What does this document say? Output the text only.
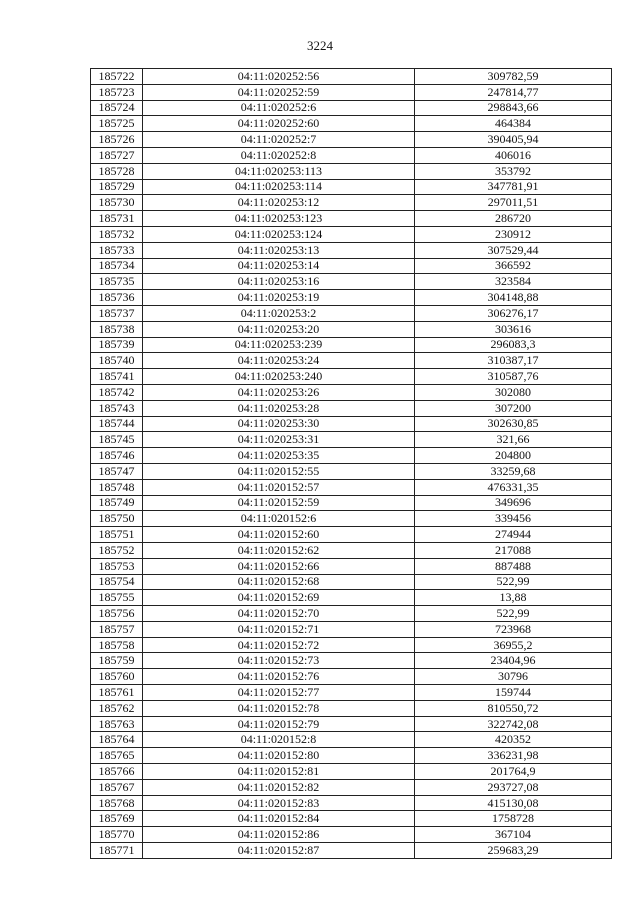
3224
185722	04:11:020252:56	309782,59
185723	04:11:020252:59	247814,77
185724	04:11:020252:6	298843,66
185725	04:11:020252:60	464384
185726	04:11:020252:7	390405,94
185727	04:11:020252:8	406016
185728	04:11:020253:113	353792
185729	04:11:020253:114	347781,91
185730	04:11:020253:12	297011,51
185731	04:11:020253:123	286720
185732	04:11:020253:124	230912
185733	04:11:020253:13	307529,44
185734	04:11:020253:14	366592
185735	04:11:020253:16	323584
185736	04:11:020253:19	304148,88
185737	04:11:020253:2	306276,17
185738	04:11:020253:20	303616
185739	04:11:020253:239	296083,3
185740	04:11:020253:24	310387,17
185741	04:11:020253:240	310587,76
185742	04:11:020253:26	302080
185743	04:11:020253:28	307200
185744	04:11:020253:30	302630,85
185745	04:11:020253:31	321,66
185746	04:11:020253:35	204800
185747	04:11:020152:55	33259,68
185748	04:11:020152:57	476331,35
185749	04:11:020152:59	349696
185750	04:11:020152:6	339456
185751	04:11:020152:60	274944
185752	04:11:020152:62	217088
185753	04:11:020152:66	887488
185754	04:11:020152:68	522,99
185755	04:11:020152:69	13,88
185756	04:11:020152:70	522,99
185757	04:11:020152:71	723968
185758	04:11:020152:72	36955,2
185759	04:11:020152:73	23404,96
185760	04:11:020152:76	30796
185761	04:11:020152:77	159744
185762	04:11:020152:78	810550,72
185763	04:11:020152:79	322742,08
185764	04:11:020152:8	420352
185765	04:11:020152:80	336231,98
185766	04:11:020152:81	201764,9
185767	04:11:020152:82	293727,08
185768	04:11:020152:83	415130,08
185769	04:11:020152:84	1758728
185770	04:11:020152:86	367104
185771	04:11:020152:87	259683,29
